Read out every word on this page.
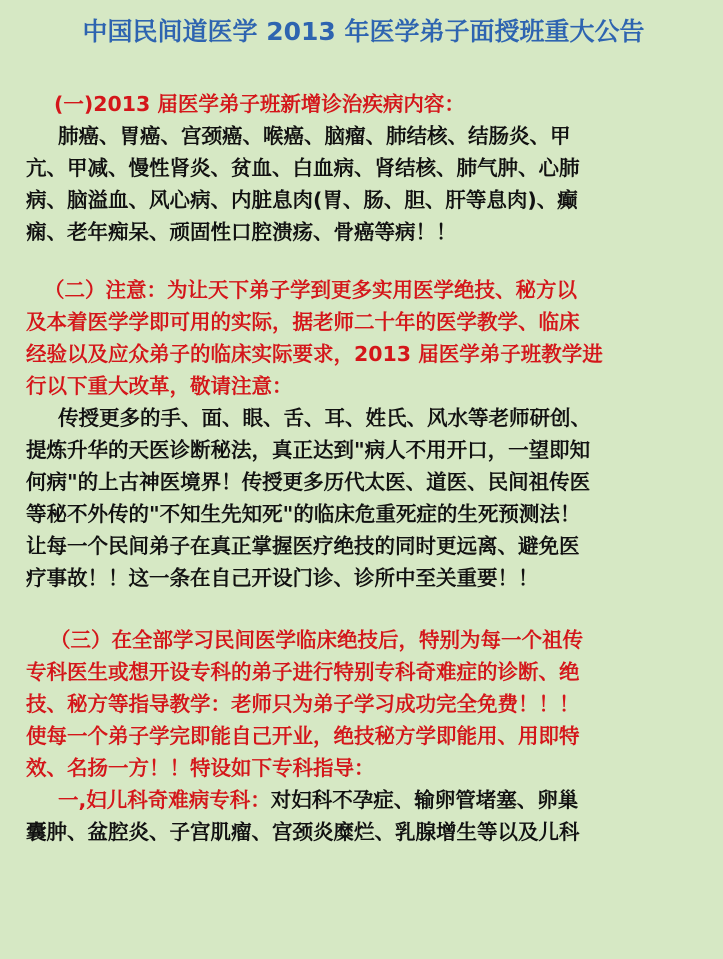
中国民间道医学 2013 年医学弟子面授班重大公告
(一)2013 届医学弟子班新增诊治疾病内容：
肺癌、胃癌、宫颈癌、喉癌、脑瘤、肺结核、结肠炎、甲
亢、甲减、慢性肾炎、贫血、白血病、肾结核、肺气肿、心肺
病、脑溢血、风心病、内脏息肉(胃、肠、胆、肝等息肉)、癫
痫、老年痴呆、顽固性口腔溃疡、骨癌等病！！
（二）注意：为让天下弟子学到更多实用医学绝技、秘方以
及本着医学学即可用的实际，据老师二十年的医学教学、临床
经验以及应众弟子的临床实际要求，2013 届医学弟子班教学进
行以下重大改革，敬请注意：
传授更多的手、面、眼、舌、耳、姓氏、风水等老师研创、
提炼升华的天医诊断秘法，真正达到"病人不用开口，一望即知
何病"的上古神医境界！传授更多历代太医、道医、民间祖传医
等秘不外传的"不知生先知死"的临床危重死症的生死预测法！
让每一个民间弟子在真正掌握医疗绝技的同时更远离、避免医
疗事故！！这一条在自己开设门诊、诊所中至关重要！！
（三）在全部学习民间医学临床绝技后，特别为每一个祖传
专科医生或想开设专科的弟子进行特别专科奇难症的诊断、绝
技、秘方等指导教学：老师只为弟子学习成功完全免费！！！
使每一个弟子学完即能自己开业，绝技秘方学即能用、用即特
效、名扬一方！！特设如下专科指导：
一,妇儿科奇难病专科：对妇科不孕症、输卵管堵塞、卵巢
囊肿、盆腔炎、子宫肌瘤、宫颈炎糜烂、乳腺增生等以及儿科
